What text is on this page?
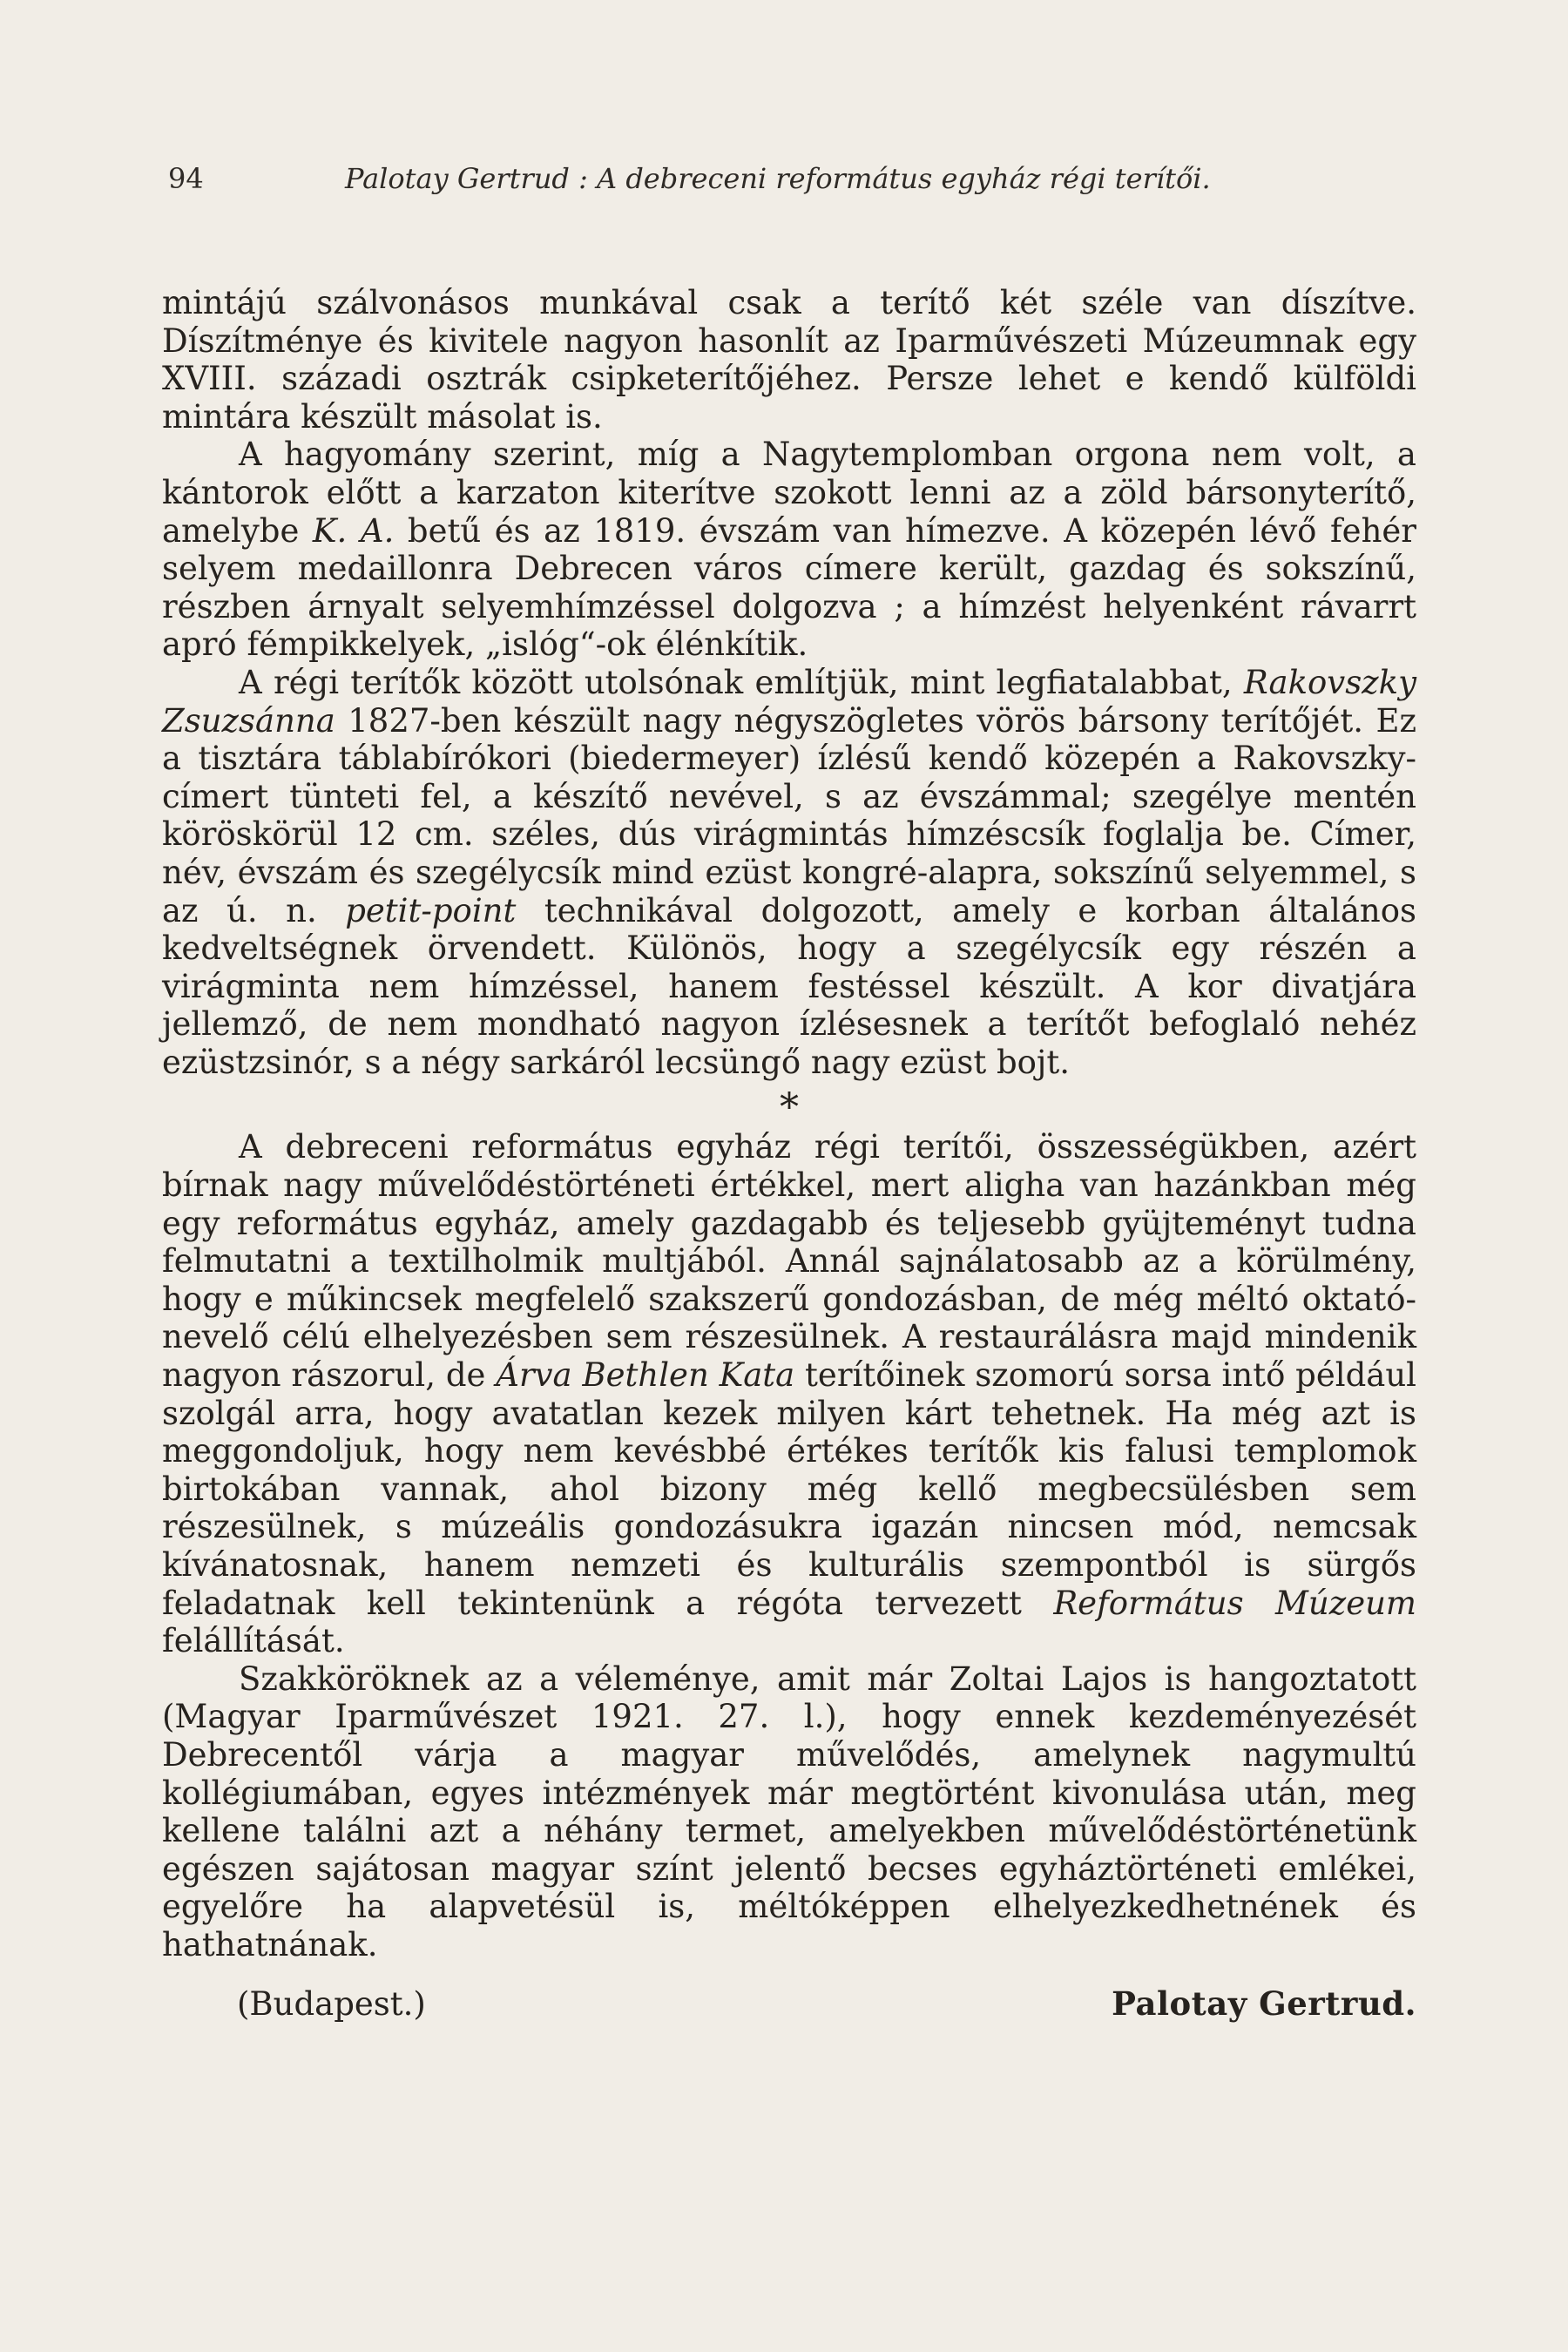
94	Palotay Gertrud : A debreceni református egyház régi terítői.

mintájú szálvonásos munkával csak a terítő két széle van díszítve. Díszítménye és kivitele nagyon hasonlít az Iparművészeti Múzeumnak egy XVIII. századi osztrák csipketerítőjéhez. Persze lehet e kendő külföldi mintára készült másolat is.

A hagyomány szerint, míg a Nagytemplomban orgona nem volt, a kántorok előtt a karzaton kiterítve szokott lenni az a zöld bársonyterítő, amelybe K. A. betű és az 1819. évszám van hímezve. A közepén lévő fehér selyem medaillonra Debrecen város címere került, gazdag és sokszínű, részben árnyalt selyemhímzéssel dolgozva ; a hímzést helyenként rávarrt apró fémpikkelyek, „islóg“-ok élénkítik.

A régi terítők között utolsónak említjük, mint legfiatalabbat, Rakovszky Zsuzsánna 1827-ben készült nagy négyszögletes vörös bársony terítőjét. Ez a tisztára táblabírókori (biedermeyer) ízlésű kendő közepén a Rakovszky-címert tünteti fel, a készítő nevével, s az évszámmal; szegélye mentén köröskörül 12 cm. széles, dús virágmintás hímzéscsík foglalja be. Címer, név, évszám és szegélycsík mind ezüst kongré-alapra, sokszínű selyemmel, s az ú. n. petit-point technikával dolgozott, amely e korban általános kedveltségnek örvendett. Különös, hogy a szegélycsík egy részén a virágminta nem hímzéssel, hanem festéssel készült. A kor divatjára jellemző, de nem mondható nagyon ízlésesnek a terítőt befoglaló nehéz ezüstzsinór, s a négy sarkáról lecsüngő nagy ezüst bojt.

*

A debreceni református egyház régi terítői, összességükben, azért bírnak nagy művelődéstörténeti értékkel, mert aligha van hazánkban még egy református egyház, amely gazdagabb és teljesebb gyüjteményt tudna felmutatni a textilholmik multjából. Annál sajnálatosabb az a körülmény, hogy e műkincsek megfelelő szakszerű gondozásban, de még méltó oktató-nevelő célú elhelyezésben sem részesülnek. A restaurálásra majd mindenik nagyon rászorul, de Árva Bethlen Kata terítőinek szomorú sorsa intő például szolgál arra, hogy avatatlan kezek milyen kárt tehetnek. Ha még azt is meggondoljuk, hogy nem kevésbbé értékes terítők kis falusi templomok birtokában vannak, ahol bizony még kellő megbecsülésben sem részesülnek, s múzeális gondozásukra igazán nincsen mód, nemcsak kívánatosnak, hanem nemzeti és kulturális szempontból is sürgős feladatnak kell tekintenünk a régóta tervezett Református Múzeum felállítását.

Szakköröknek az a véleménye, amit már Zoltai Lajos is hangoztatott (Magyar Iparművészet 1921. 27. l.), hogy ennek kezdeményezését Debrecentől várja a magyar művelődés, amelynek nagymultú kollégiumában, egyes intézmények már megtörtént kivonulása után, meg kellene találni azt a néhány termet, amelyekben művelődéstörténetünk egészen sajátosan magyar színt jelentő becses egyháztörténeti emlékei, egyelőre ha alapvetésül is, méltóképpen elhelyezkedhetnének és hathatnának.

(Budapest.)	Palotay Gertrud.
